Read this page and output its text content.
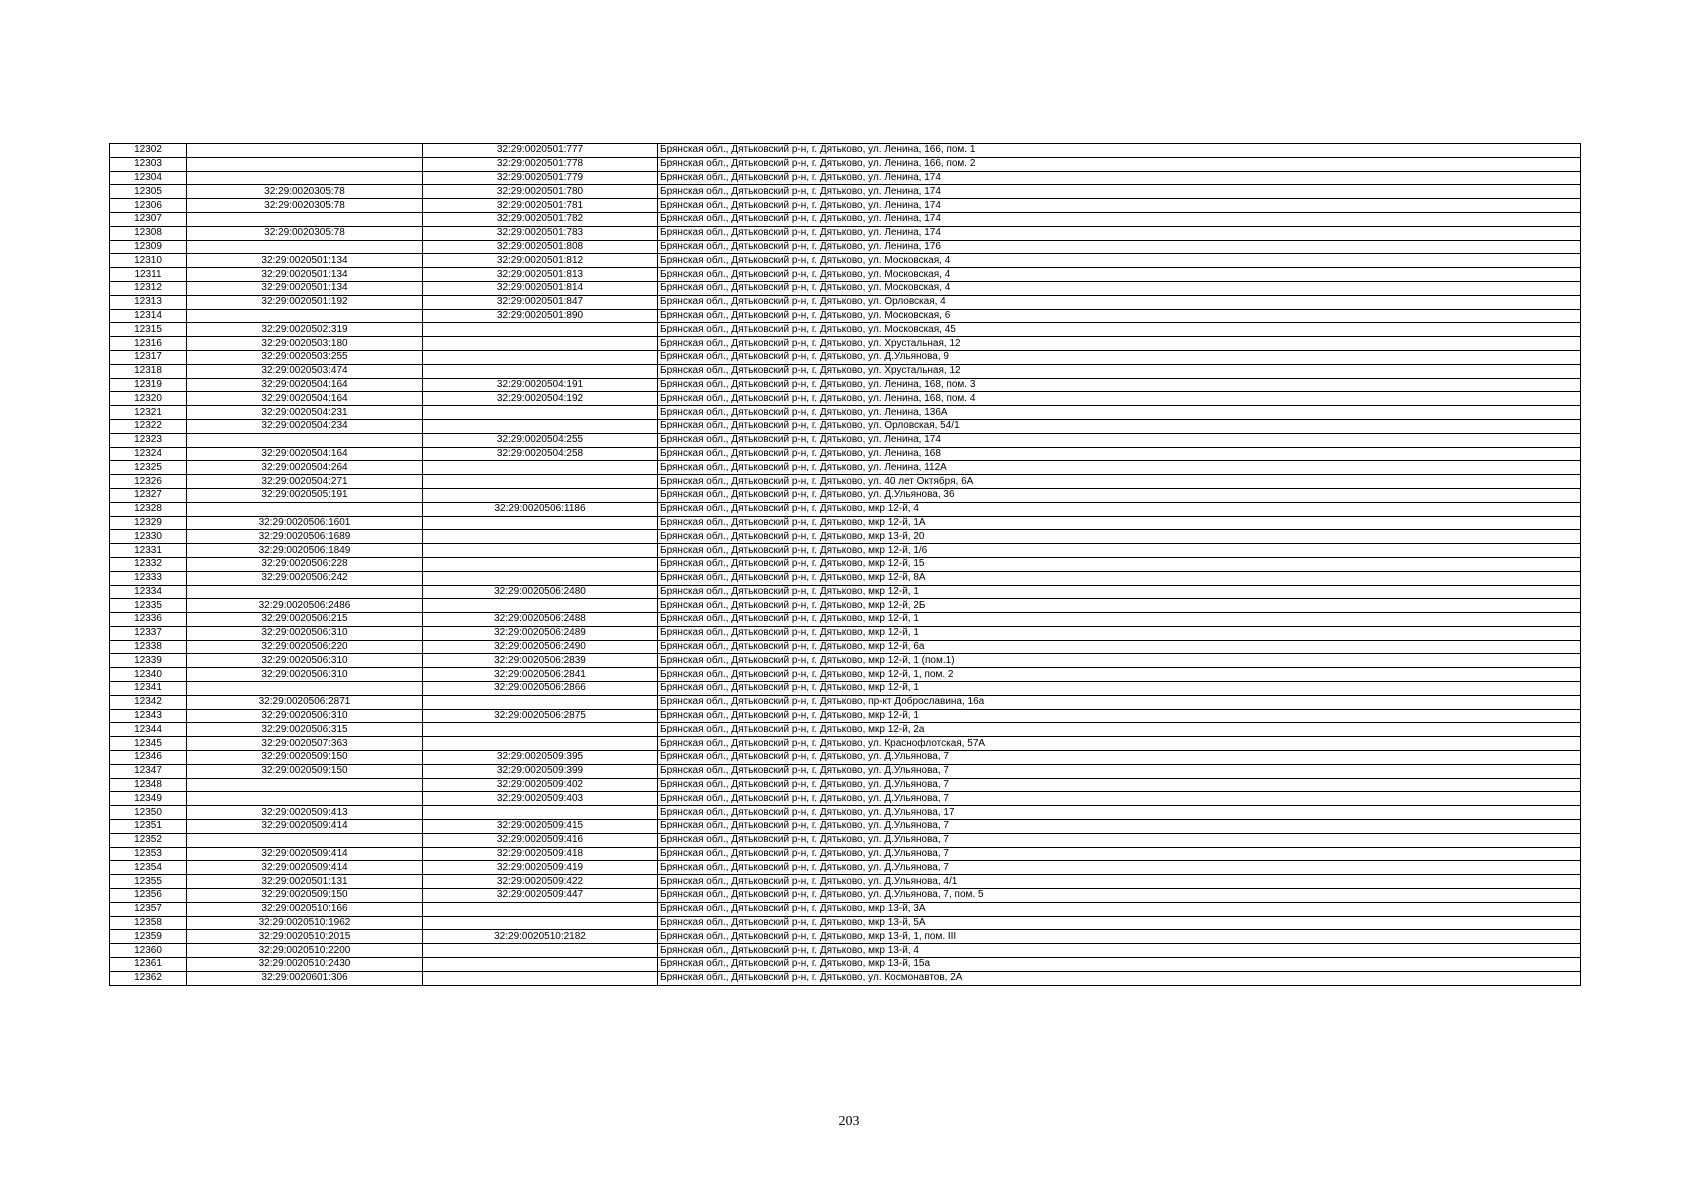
12302		32:29:0020501:777	Брянская обл., Дятьковский р-н, г. Дятьково, ул. Ленина, 166, пом. 1
12303		32:29:0020501:778	Брянская обл., Дятьковский р-н, г. Дятьково, ул. Ленина, 166, пом. 2
12304		32:29:0020501:779	Брянская обл., Дятьковский р-н, г. Дятьково, ул. Ленина, 174
12305	32:29:0020305:78	32:29:0020501:780	Брянская обл., Дятьковский р-н, г. Дятьково, ул. Ленина, 174
12306	32:29:0020305:78	32:29:0020501:781	Брянская обл., Дятьковский р-н, г. Дятьково, ул. Ленина, 174
12307		32:29:0020501:782	Брянская обл., Дятьковский р-н, г. Дятьково, ул. Ленина, 174
12308	32:29:0020305:78	32:29:0020501:783	Брянская обл., Дятьковский р-н, г. Дятьково, ул. Ленина, 174
12309		32:29:0020501:808	Брянская обл., Дятьковский р-н, г. Дятьково, ул. Ленина, 176
12310	32:29:0020501:134	32:29:0020501:812	Брянская обл., Дятьковский р-н, г. Дятьково, ул. Московская, 4
12311	32:29:0020501:134	32:29:0020501:813	Брянская обл., Дятьковский р-н, г. Дятьково, ул. Московская, 4
12312	32:29:0020501:134	32:29:0020501:814	Брянская обл., Дятьковский р-н, г. Дятьково, ул. Московская, 4
12313	32:29:0020501:192	32:29:0020501:847	Брянская обл., Дятьковский р-н, г. Дятьково, ул. Орловская, 4
12314		32:29:0020501:890	Брянская обл., Дятьковский р-н, г. Дятьково, ул. Московская, 6
12315	32:29:0020502:319		Брянская обл., Дятьковский р-н, г. Дятьково, ул. Московская, 45
12316	32:29:0020503:180		Брянская обл., Дятьковский р-н, г. Дятьково, ул. Хрустальная, 12
12317	32:29:0020503:255		Брянская обл., Дятьковский р-н, г. Дятьково, ул. Д.Ульянова, 9
12318	32:29:0020503:474		Брянская обл., Дятьковский р-н, г. Дятьково, ул. Хрустальная, 12
12319	32:29:0020504:164	32:29:0020504:191	Брянская обл., Дятьковский р-н, г. Дятьково, ул. Ленина, 168, пом. 3
12320	32:29:0020504:164	32:29:0020504:192	Брянская обл., Дятьковский р-н, г. Дятьково, ул. Ленина, 168, пом. 4
12321	32:29:0020504:231		Брянская обл., Дятьковский р-н, г. Дятьково, ул. Ленина, 136А
12322	32:29:0020504:234		Брянская обл., Дятьковский р-н, г. Дятьково, ул. Орловская, 54/1
12323		32:29:0020504:255	Брянская обл., Дятьковский р-н, г. Дятьково, ул. Ленина, 174
12324	32:29:0020504:164	32:29:0020504:258	Брянская обл., Дятьковский р-н, г. Дятьково, ул. Ленина, 168
12325	32:29:0020504:264		Брянская обл., Дятьковский р-н, г. Дятьково, ул. Ленина, 112А
12326	32:29:0020504:271		Брянская обл., Дятьковский р-н, г. Дятьково, ул. 40 лет Октября, 6А
12327	32:29:0020505:191		Брянская обл., Дятьковский р-н, г. Дятьково, ул. Д.Ульянова, 36
12328		32:29:0020506:1186	Брянская обл., Дятьковский р-н, г. Дятьково, мкр 12-й, 4
12329	32:29:0020506:1601		Брянская обл., Дятьковский р-н, г. Дятьково, мкр 12-й, 1А
12330	32:29:0020506:1689		Брянская обл., Дятьковский р-н, г. Дятьково, мкр 13-й, 20
12331	32:29:0020506:1849		Брянская обл., Дятьковский р-н, г. Дятьково, мкр 12-й, 1/6
12332	32:29:0020506:228		Брянская обл., Дятьковский р-н, г. Дятьково, мкр 12-й, 15
12333	32:29:0020506:242		Брянская обл., Дятьковский р-н, г. Дятьково, мкр 12-й, 8А
12334		32:29:0020506:2480	Брянская обл., Дятьковский р-н, г. Дятьково, мкр 12-й, 1
12335	32:29:0020506:2486		Брянская обл., Дятьковский р-н, г. Дятьково, мкр 12-й, 2Б
12336	32:29:0020506:215	32:29:0020506:2488	Брянская обл., Дятьковский р-н, г. Дятьково, мкр 12-й, 1
12337	32:29:0020506:310	32:29:0020506:2489	Брянская обл., Дятьковский р-н, г. Дятьково, мкр 12-й, 1
12338	32:29:0020506:220	32:29:0020506:2490	Брянская обл., Дятьковский р-н, г. Дятьково, мкр 12-й, 6а
12339	32:29:0020506:310	32:29:0020506:2839	Брянская обл., Дятьковский р-н, г. Дятьково, мкр 12-й, 1 (пом.1)
12340	32:29:0020506:310	32:29:0020506:2841	Брянская обл., Дятьковский р-н, г. Дятьково, мкр 12-й, 1, пом. 2
12341		32:29:0020506:2866	Брянская обл., Дятьковский р-н, г. Дятьково, мкр 12-й, 1
12342	32:29:0020506:2871		Брянская обл., Дятьковский р-н, г. Дятьково, пр-кт Доброславина, 16а
12343	32:29:0020506:310	32:29:0020506:2875	Брянская обл., Дятьковский р-н, г. Дятьково, мкр 12-й, 1
12344	32:29:0020506:315		Брянская обл., Дятьковский р-н, г. Дятьково, мкр 12-й, 2а
12345	32:29:0020507:363		Брянская обл., Дятьковский р-н, г. Дятьково, ул. Краснофлотская, 57А
12346	32:29:0020509:150	32:29:0020509:395	Брянская обл., Дятьковский р-н, г. Дятьково, ул. Д.Ульянова, 7
12347	32:29:0020509:150	32:29:0020509:399	Брянская обл., Дятьковский р-н, г. Дятьково, ул. Д.Ульянова, 7
12348		32:29:0020509:402	Брянская обл., Дятьковский р-н, г. Дятьково, ул. Д.Ульянова, 7
12349		32:29:0020509:403	Брянская обл., Дятьковский р-н, г. Дятьково, ул. Д.Ульянова, 7
12350	32:29:0020509:413		Брянская обл., Дятьковский р-н, г. Дятьково, ул. Д.Ульянова, 17
12351	32:29:0020509:414	32:29:0020509:415	Брянская обл., Дятьковский р-н, г. Дятьково, ул. Д.Ульянова, 7
12352		32:29:0020509:416	Брянская обл., Дятьковский р-н, г. Дятьково, ул. Д.Ульянова, 7
12353	32:29:0020509:414	32:29:0020509:418	Брянская обл., Дятьковский р-н, г. Дятьково, ул. Д.Ульянова, 7
12354	32:29:0020509:414	32:29:0020509:419	Брянская обл., Дятьковский р-н, г. Дятьково, ул. Д.Ульянова, 7
12355	32:29:0020501:131	32:29:0020509:422	Брянская обл., Дятьковский р-н, г. Дятьково, ул. Д.Ульянова, 4/1
12356	32:29:0020509:150	32:29:0020509:447	Брянская обл., Дятьковский р-н, г. Дятьково, ул. Д.Ульянова, 7, пом. 5
12357	32:29:0020510:166		Брянская обл., Дятьковский р-н, г. Дятьково, мкр 13-й, 3А
12358	32:29:0020510:1962		Брянская обл., Дятьковский р-н, г. Дятьково, мкр 13-й, 5А
12359	32:29:0020510:2015	32:29:0020510:2182	Брянская обл., Дятьковский р-н, г. Дятьково, мкр 13-й, 1, пом. III
12360	32:29:0020510:2200		Брянская обл., Дятьковский р-н, г. Дятьково, мкр 13-й, 4
12361	32:29:0020510:2430		Брянская обл., Дятьковский р-н, г. Дятьково, мкр 13-й, 15а
12362	32:29:0020601:306		Брянская обл., Дятьковский р-н, г. Дятьково, ул. Космонавтов, 2А
203
